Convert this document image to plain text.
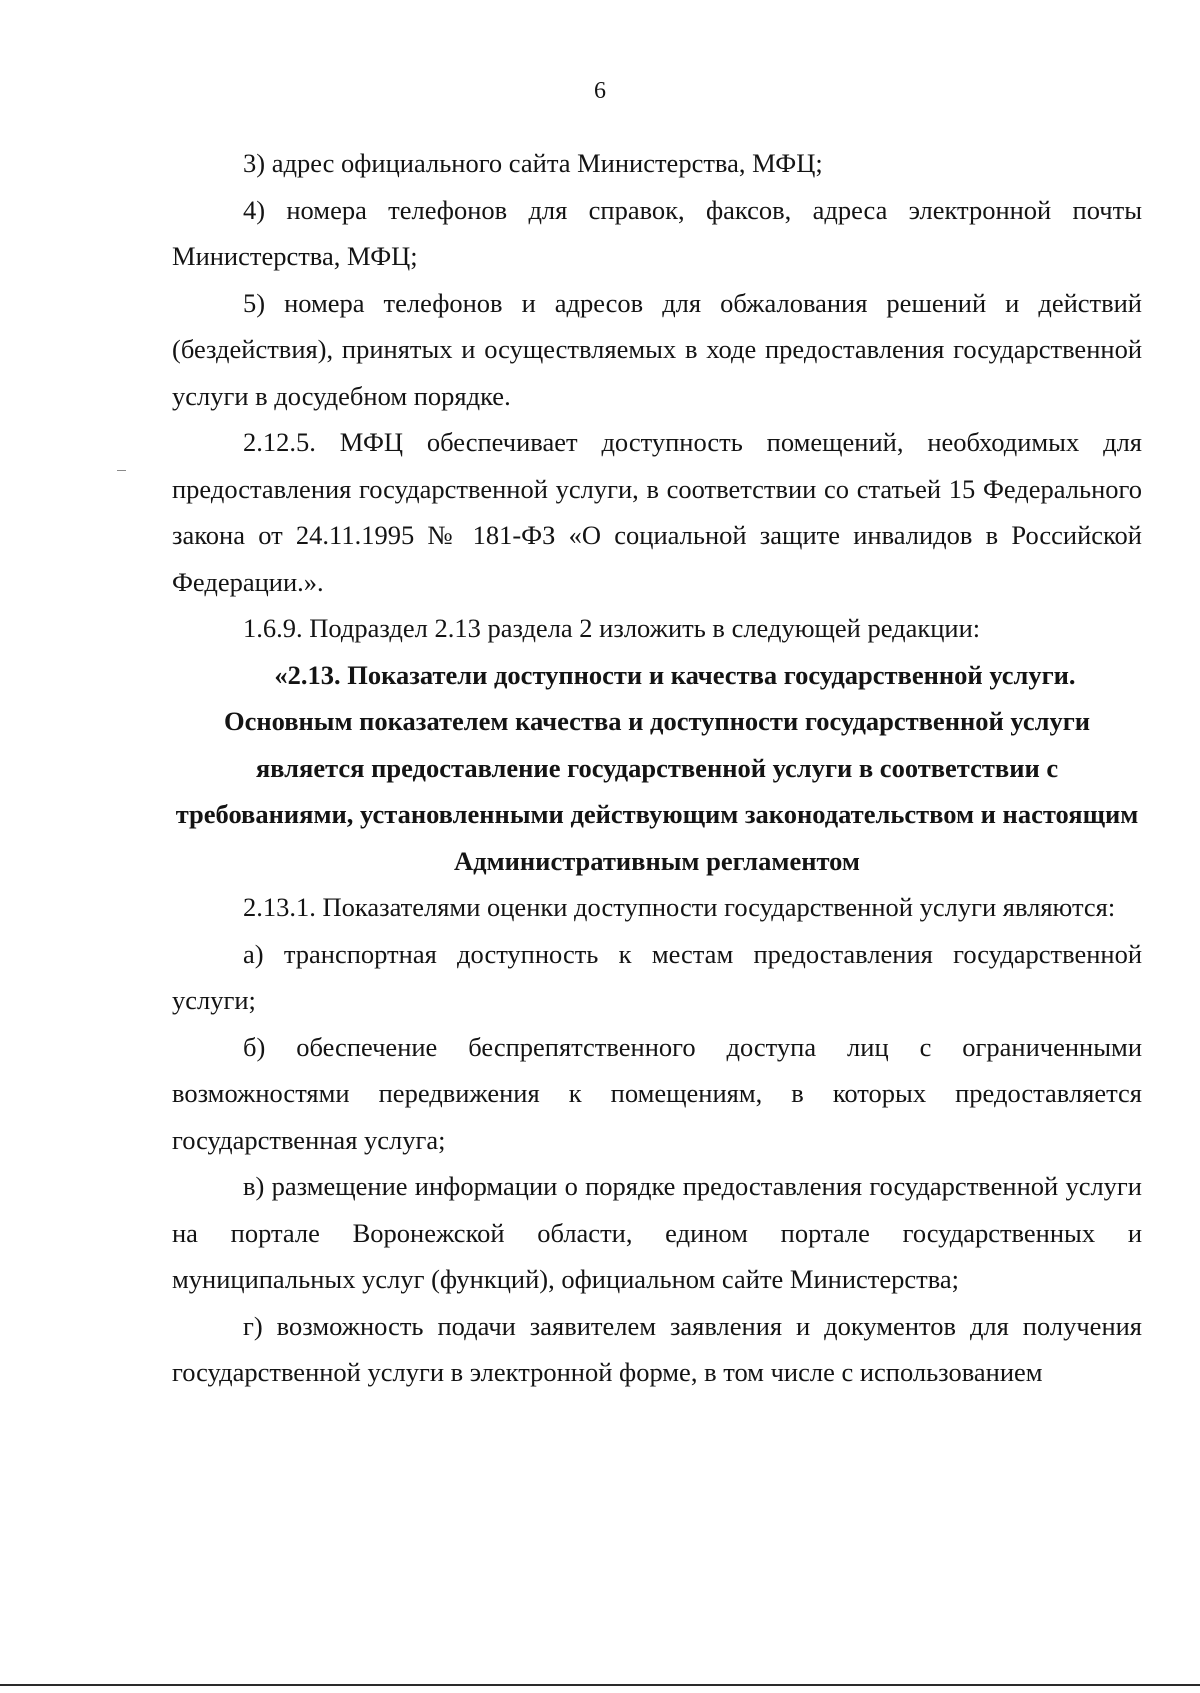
6

3) адрес официального сайта Министерства, МФЦ;

4) номера телефонов для справок, факсов, адреса электронной почты Министерства, МФЦ;

5) номера телефонов и адресов для обжалования решений и действий (бездействия), принятых и осуществляемых в ходе предоставления государственной услуги в досудебном порядке.

2.12.5. МФЦ обеспечивает доступность помещений, необходимых для предоставления государственной услуги, в соответствии со статьей 15 Федерального закона от 24.11.1995 № 181-ФЗ «О социальной защите инвалидов в Российской Федерации.».

1.6.9. Подраздел 2.13 раздела 2 изложить в следующей редакции:

«2.13. Показатели доступности и качества государственной услуги.

Основным показателем качества и доступности государственной услуги является предоставление государственной услуги в соответствии с требованиями, установленными действующим законодательством и настоящим Административным регламентом

2.13.1. Показателями оценки доступности государственной услуги являются:

а) транспортная доступность к местам предоставления государственной услуги;

б) обеспечение беспрепятственного доступа лиц с ограниченными возможностями передвижения к помещениям, в которых предоставляется государственная услуга;

в) размещение информации о порядке предоставления государственной услуги на портале Воронежской области, едином портале государственных и муниципальных услуг (функций), официальном сайте Министерства;

г) возможность подачи заявителем заявления и документов для получения государственной услуги в электронной форме, в том числе с использованием
